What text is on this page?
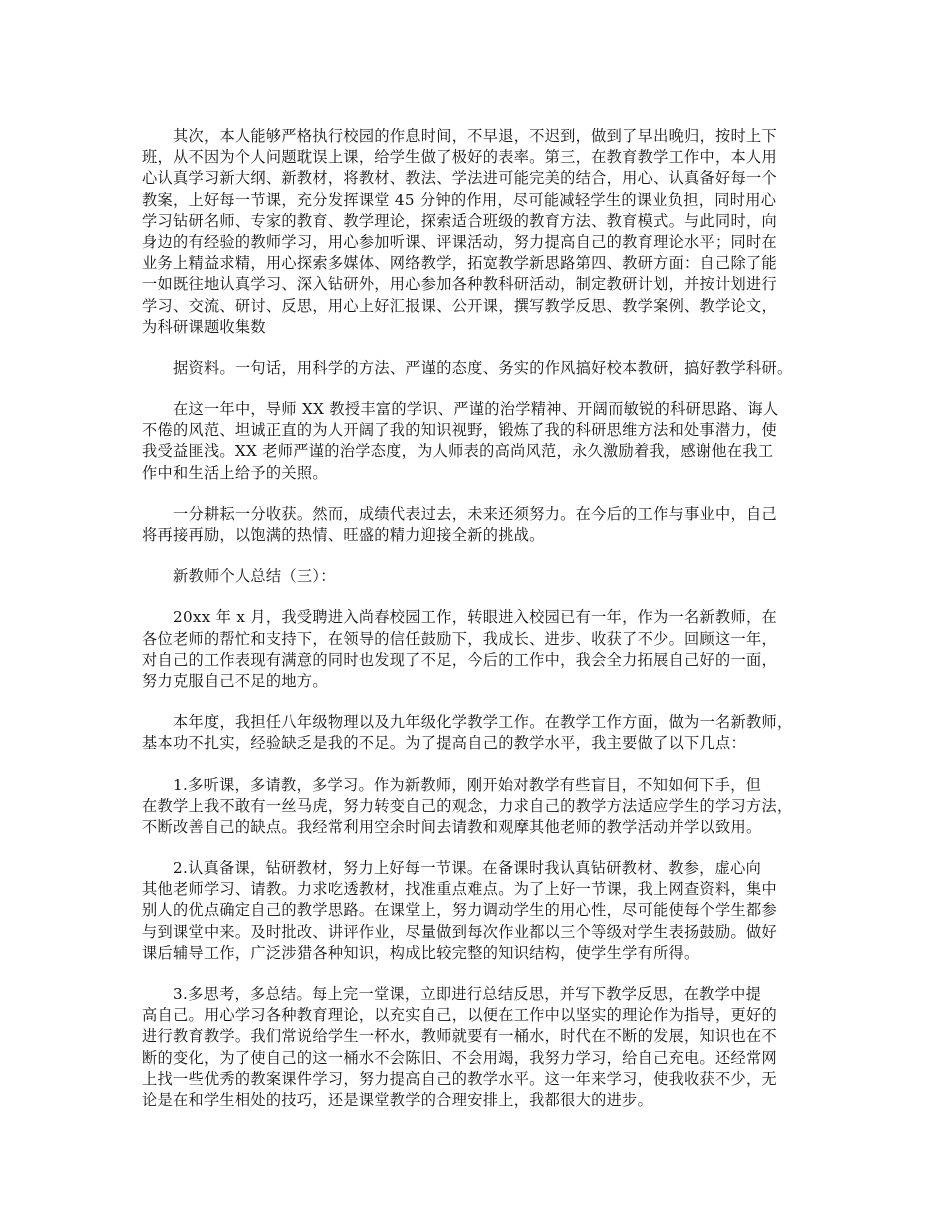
其次，本人能够严格执行校园的作息时间，不早退，不迟到，做到了早出晚归，按时上下
班，从不因为个人问题耽误上课，给学生做了极好的表率。第三，在教育教学工作中，本人用
心认真学习新大纲、新教材，将教材、教法、学法进可能完美的结合，用心、认真备好每一个
教案，上好每一节课，充分发挥课堂 45 分钟的作用，尽可能减轻学生的课业负担，同时用心
学习钻研名师、专家的教育、教学理论，探索适合班级的教育方法、教育模式。与此同时，向
身边的有经验的教师学习，用心参加听课、评课活动，努力提高自己的教育理论水平；同时在
业务上精益求精，用心探索多媒体、网络教学，拓宽教学新思路第四、教研方面：自己除了能
一如既往地认真学习、深入钻研外，用心参加各种教科研活动，制定教研计划，并按计划进行
学习、交流、研讨、反思，用心上好汇报课、公开课，撰写教学反思、教学案例、教学论文，
为科研课题收集数
据资料。一句话，用科学的方法、严谨的态度、务实的作风搞好校本教研，搞好教学科研。
在这一年中，导师 XX 教授丰富的学识、严谨的治学精神、开阔而敏锐的科研思路、诲人
不倦的风范、坦诚正直的为人开阔了我的知识视野，锻炼了我的科研思维方法和处事潜力，使
我受益匪浅。XX 老师严谨的治学态度，为人师表的高尚风范，永久激励着我，感谢他在我工
作中和生活上给予的关照。
一分耕耘一分收获。然而，成绩代表过去，未来还须努力。在今后的工作与事业中，自己
将再接再励，以饱满的热情、旺盛的精力迎接全新的挑战。
新教师个人总结（三）：
20xx 年 x 月，我受聘进入尚春校园工作，转眼进入校园已有一年，作为一名新教师，在
各位老师的帮忙和支持下，在领导的信任鼓励下，我成长、进步、收获了不少。回顾这一年，
对自己的工作表现有满意的同时也发现了不足，今后的工作中，我会全力拓展自己好的一面，
努力克服自己不足的地方。
本年度，我担任八年级物理以及九年级化学教学工作。在教学工作方面，做为一名新教师，
基本功不扎实，经验缺乏是我的不足。为了提高自己的教学水平，我主要做了以下几点：
1.多听课，多请教，多学习。作为新教师，刚开始对教学有些盲目，不知如何下手，但
在教学上我不敢有一丝马虎，努力转变自己的观念，力求自己的教学方法适应学生的学习方法，
不断改善自己的缺点。我经常利用空余时间去请教和观摩其他老师的教学活动并学以致用。
2.认真备课，钻研教材，努力上好每一节课。在备课时我认真钻研教材、教参，虚心向
其他老师学习、请教。力求吃透教材，找准重点难点。为了上好一节课，我上网查资料，集中
别人的优点确定自己的教学思路。在课堂上，努力调动学生的用心性，尽可能使每个学生都参
与到课堂中来。及时批改、讲评作业，尽量做到每次作业都以三个等级对学生表扬鼓励。做好
课后辅导工作，广泛涉猎各种知识，构成比较完整的知识结构，使学生学有所得。
3.多思考，多总结。每上完一堂课，立即进行总结反思，并写下教学反思，在教学中提
高自己。用心学习各种教育理论，以充实自己，以便在工作中以坚实的理论作为指导，更好的
进行教育教学。我们常说给学生一杯水，教师就要有一桶水，时代在不断的发展，知识也在不
断的变化，为了使自己的这一桶水不会陈旧、不会用竭，我努力学习，给自己充电。还经常网
上找一些优秀的教案课件学习，努力提高自己的教学水平。这一年来学习，使我收获不少，无
论是在和学生相处的技巧，还是课堂教学的合理安排上，我都很大的进步。
